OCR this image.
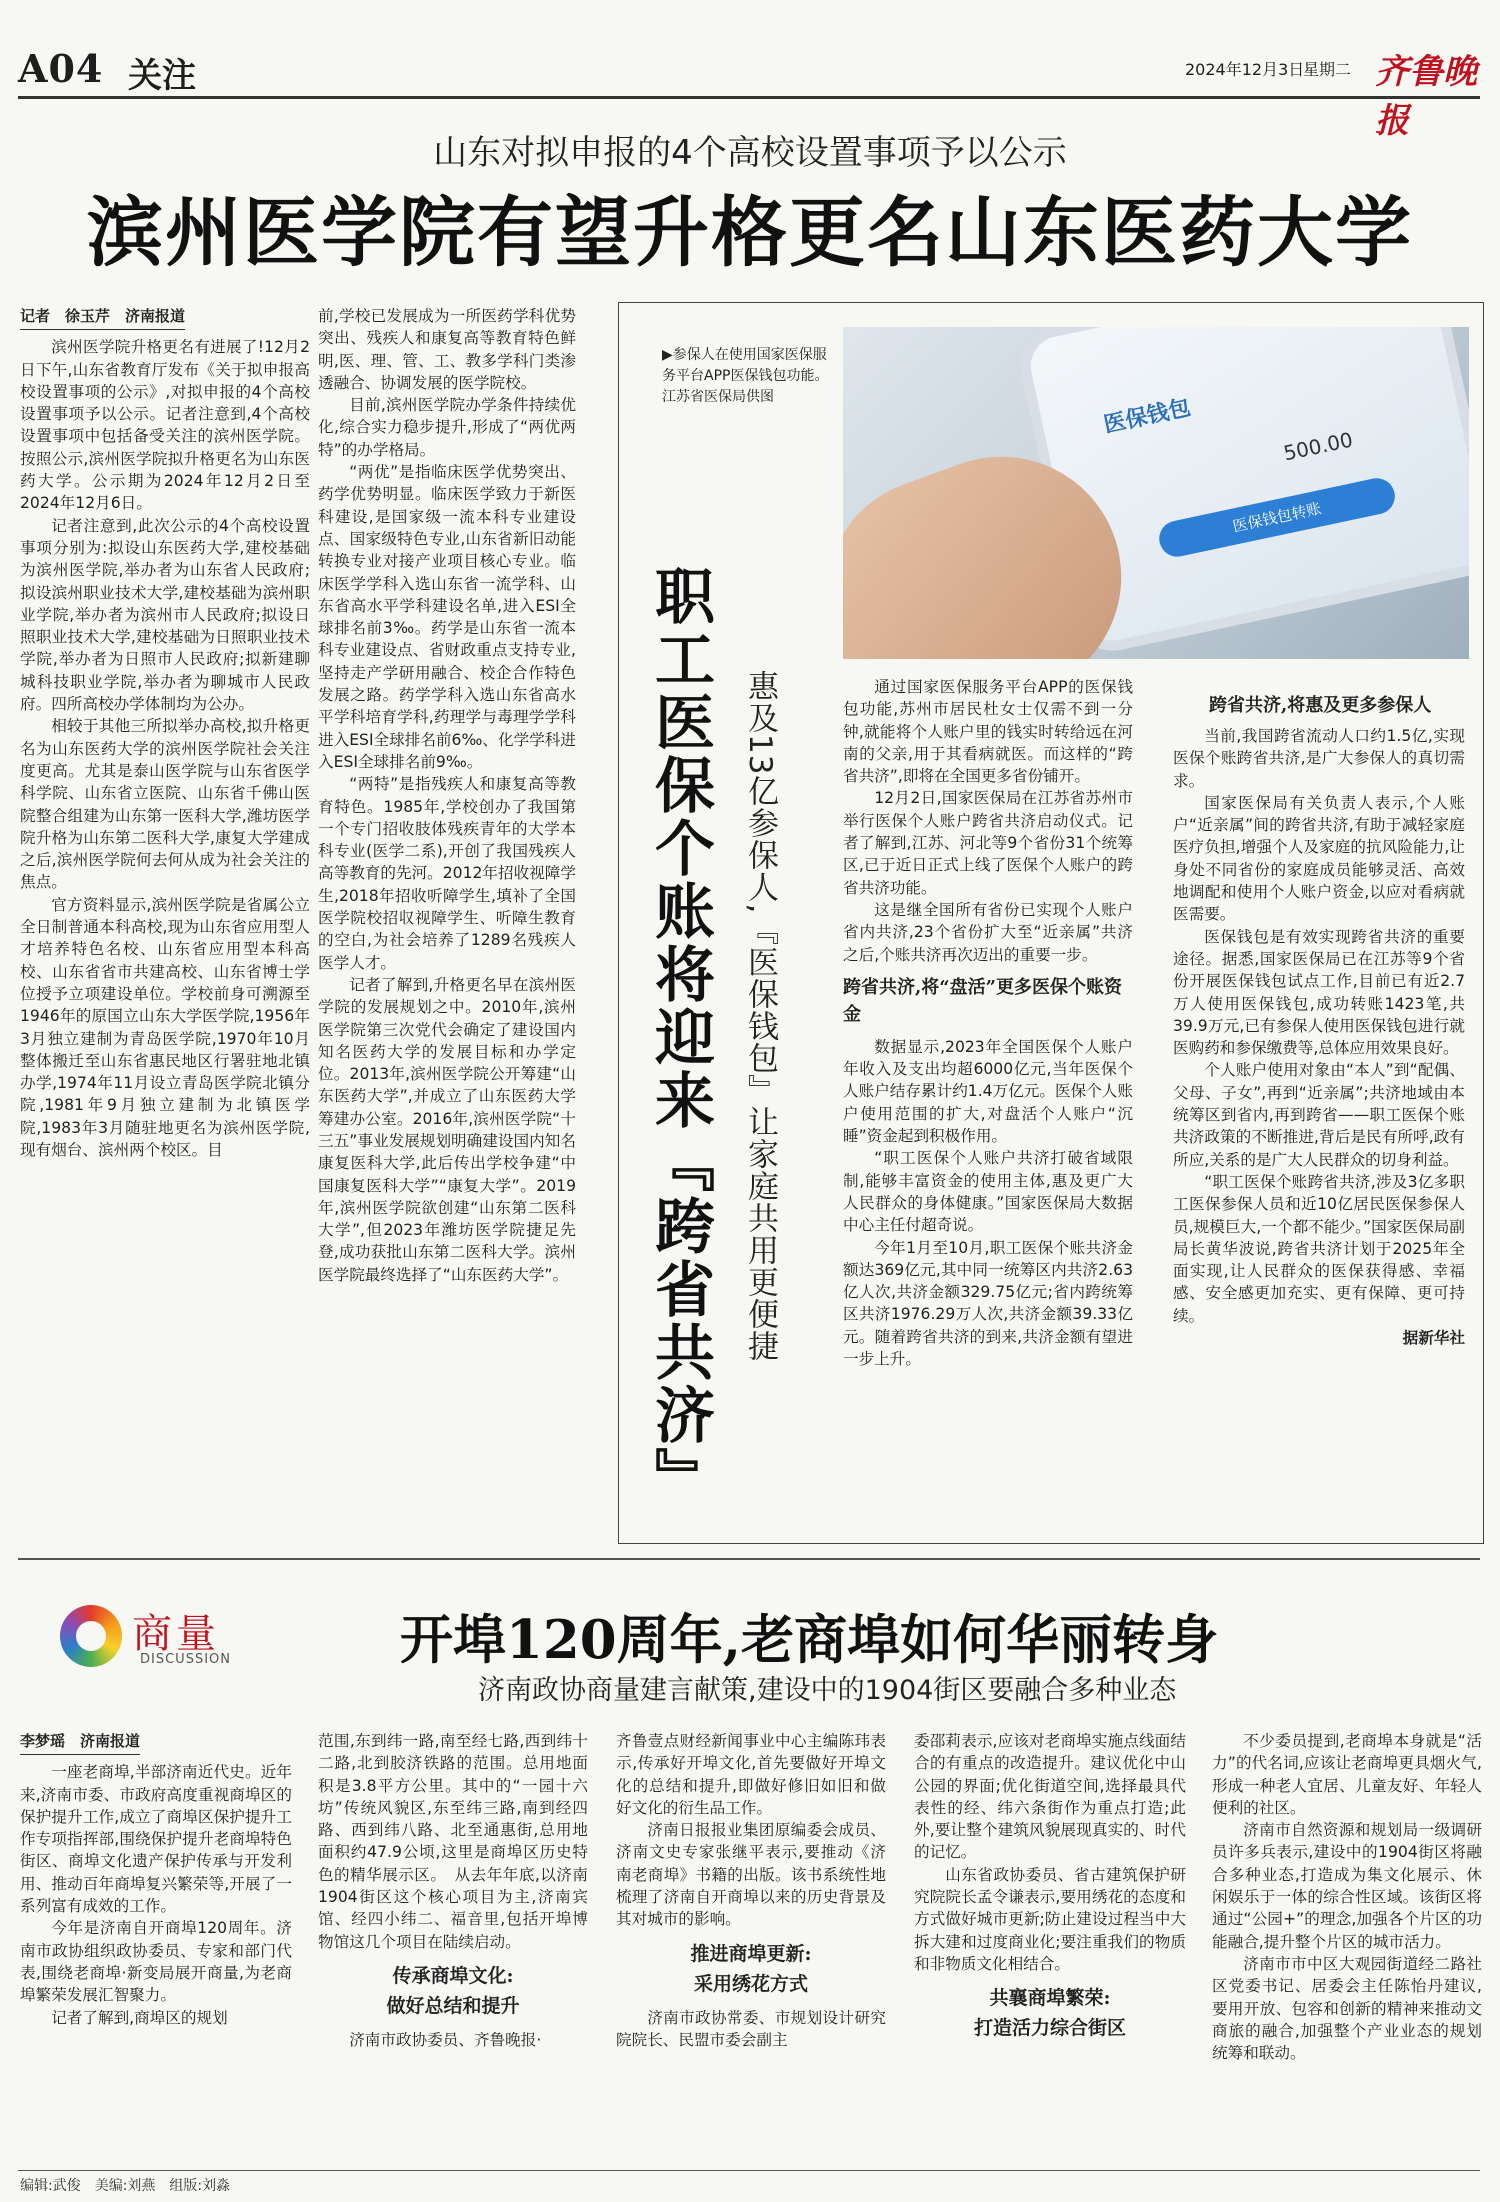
A04 关注	2024年12月3日
星期二 齐鲁晚报
山东对拟申报的4个高校设置事项予以公示
滨州医学院有望升格更名山东医药大学
记者　徐玉芹　济南报道

滨州医学院升格更名有进展了!12月2日下午,山东省教育厅发布《关于拟申报高校设置事项的公示》,对拟申报的4个高校设置事项予以公示。记者注意到,4个高校设置事项中包括备受关注的滨州医学院。按照公示,滨州医学院拟升格更名为山东医药大学。公示期为2024年12月2日至2024年12月6日。

记者注意到,此次公示的4个高校设置事项分别为:拟设山东医药大学,建校基础为滨州医学院,举办者为山东省人民政府;拟设滨州职业技术大学,建校基础为滨州职业学院,举办者为滨州市人民政府;拟设日照职业技术大学,建校基础为日照职业技术学院,举办者为日照市人民政府;拟新建聊城科技职业学院,举办者为聊城市人民政府。四所高校办学体制均为公办。

相较于其他三所拟举办高校,拟升格更名为山东医药大学的滨州医学院社会关注度更高。尤其是泰山医学院与山东省医学科学院、山东省立医院、山东省千佛山医院整合组建为山东第一医科大学,潍坊医学院升格为山东第二医科大学,康复大学建成之后,滨州医学院何去何从成为社会关注的焦点。

官方资料显示,滨州医学院是省属公立全日制普通本科高校,现为山东省应用型人才培养特色名校、山东省应用型本科高校、山东省省市共建高校、山东省博士学位授予立项建设单位。学校前身可溯源至1946年的原国立山东大学医学院,1956年3月独立建制为青岛医学院,1970年10月整体搬迁至山东省惠民地区行署驻地北镇办学,1974年11月设立青岛医学院北镇分院,1981年9月独立建制为北镇医学院,1983年3月随驻地更名为滨州医学院,现有烟台、滨州两个校区。目

前,学校已发展成为一所医药学科优势突出、残疾人和康复高等教育特色鲜明,医、理、管、工、教多学科门类渗透融合、协调发展的医学院校。

目前,滨州医学院办学条件持续优化,综合实力稳步提升,形成了“两优两特”的办学格局。

“两优”是指临床医学优势突出、药学优势明显。临床医学致力于新医科建设,是国家级一流本科专业建设点、国家级特色专业,山东省新旧动能转换专业对接产业项目核心专业。临床医学学科入选山东省一流学科、山东省高水平学科建设名单,进入ESI全球排名前3‰。药学是山东省一流本科专业建设点、省财政重点支持专业,坚持走产学研用融合、校企合作特色发展之路。药学学科入选山东省高水平学科培育学科,药理学与毒理学学科进入ESI全球排名前6‰、化学学科进入ESI全球排名前9‰。

“两特”是指残疾人和康复高等教育特色。1985年,学校创办了我国第一个专门招收肢体残疾青年的大学本科专业(医学二系),开创了我国残疾人高等教育的先河。2012年招收视障学生,2018年招收听障学生,填补了全国医学院校招収视障学生、听障生教育的空白,为社会培养了1289名残疾人医学人才。

记者了解到,升格更名早在滨州医学院的发展规划之中。2010年,滨州医学院第三次党代会确定了建设国内知名医药大学的发展目标和办学定位。2013年,滨州医学院公开筹建“山东医药大学”,并成立了山东医药大学筹建办公室。2016年,滨州医学院“十三五”事业发展规划明确建设国内知名康复医科大学,此后传出学校争建“中国康复医科大学”“康复大学”。2019年,滨州医学院欲创建“山东第二医科大学”,但2023年潍坊医学院捷足先登,成功获批山东第二医科大学。滨州医学院最终选择了“山东医药大学”。

医保钱包
500.00
医保钱包转账
▶参保人在使用国家医保服务平台APP医保钱包功能。江苏省医保局供图
职工医保个账将迎来『跨省共济』 惠及13亿参保人,『医保钱包』让家庭共用更便捷	通过国家医保服务平台APP的医保钱包功能,苏州市居民杜女士仅需不到一分钟,就能将个人账户里的钱实时转给远在河南的父亲,用于其看病就医。而这样的“跨省共济”,即将在全国更多省份铺开。

12月2日,国家医保局在江苏省苏州市举行医保个人账户跨省共济启动仪式。记者了解到,江苏、河北等9个省份31个统筹区,已于近日正式上线了医保个人账户的跨省共济功能。

这是继全国所有省份已实现个人账户省内共济,23个省份扩大至“近亲属”共济之后,个账共济再次迈出的重要一步。

跨省共济,将“盘活”更多医保个账资金

数据显示,2023年全国医保个人账户年收入及支出均超6000亿元,当年医保个人账户结存累计约1.4万亿元。医保个人账户使用范围的扩大,对盘活个人账户“沉睡”资金起到积极作用。

“职工医保个人账户共济打破省域限制,能够丰富资金的使用主体,惠及更广大人民群众的身体健康。”国家医保局大数据中心主任付超奇说。

今年1月至10月,职工医保个账共济金额达369亿元,其中同一统筹区内共济2.63亿人次,共济金额329.75亿元;省内跨统筹区共济1976.29万人次,共济金额39.33亿元。随着跨省共济的到来,共济金额有望进一步上升。

跨省共济,将惠及更多参保人

当前,我国跨省流动人口约1.5亿,实现医保个账跨省共济,是广大参保人的真切需求。

国家医保局有关负责人表示,个人账户“近亲属”间的跨省共济,有助于减轻家庭医疗负担,增强个人及家庭的抗风险能力,让身处不同省份的家庭成员能够灵活、高效地调配和使用个人账户资金,以应对看病就医需要。

医保钱包是有效实现跨省共济的重要途径。据悉,国家医保局已在江苏等9个省份开展医保钱包试点工作,目前已有近2.7万人使用医保钱包,成功转账1423笔,共39.9万元,已有参保人使用医保钱包进行就医购药和参保缴费等,总体应用效果良好。

个人账户使用对象由“本人”到“配偶、父母、子女”,再到“近亲属”;共济地域由本统筹区到省内,再到跨省——职工医保个账共济政策的不断推进,背后是民有所呼,政有所应,关系的是广大人民群众的切身利益。

“职工医保个账跨省共济,涉及3亿多职工医保参保人员和近10亿居民医保参保人员,规模巨大,一个都不能少。”国家医保局副局长黄华波说,跨省共济计划于2025年全面实现,让人民群众的医保获得感、幸福感、安全感更加充实、更有保障、更可持续。

据新华社
商量
DISCUSSION	开埠120周年,老商埠如何华丽转身
济南政协商量建言献策,建设中的1904街区要融合多种业态
李梦瑶　济南报道

一座老商埠,半部济南近代史。近年来,济南市委、市政府高度重视商埠区的保护提升工作,成立了商埠区保护提升工作专项指挥部,围绕保护提升老商埠特色街区、商埠文化遗产保护传承与开发利用、推动百年商埠复兴繁荣等,开展了一系列富有成效的工作。

今年是济南自开商埠120周年。济南市政协组织政协委员、专家和部门代表,围绕老商埠·新变局展开商量,为老商埠繁荣发展汇智聚力。

记者了解到,商埠区的规划

范围,东到纬一路,南至经七路,西到纬十二路,北到胶济铁路的范围。总用地面积是3.8平方公里。其中的“一园十六坊”传统风貌区,东至纬三路,南到经四路、西到纬八路、北至通惠街,总用地面积约47.9公顷,这里是商埠区历史特色的精华展示区。　从去年年底,以济南1904街区这个核心项目为主,济南宾馆、经四小纬二、福音里,包括开埠博物馆这几个项目在陆续启动。

传承商埠文化:
做好总结和提升

济南市政协委员、齐鲁晚报·

齐鲁壹点财经新闻事业中心主编陈玮表示,传承好开埠文化,首先要做好开埠文化的总结和提升,即做好修旧如旧和做好文化的衍生品工作。

济南日报报业集团原编委会成员、济南文史专家张继平表示,要推动《济南老商埠》书籍的出版。该书系统性地梳理了济南自开商埠以来的历史背景及其对城市的影响。

推进商埠更新:
采用绣花方式

济南市政协常委、市规划设计研究院院长、民盟市委会副主

委邵莉表示,应该对老商埠实施点线面结合的有重点的改造提升。建议优化中山公园的界面;优化街道空间,选择最具代表性的经、纬六条街作为重点打造;此外,要让整个建筑风貌展现真实的、时代的记忆。

山东省政协委员、省古建筑保护研究院院长孟令谦表示,要用绣花的态度和方式做好城市更新;防止建设过程当中大拆大建和过度商业化;要注重我们的物质和非物质文化相结合。

共襄商埠繁荣:
打造活力综合街区

不少委员提到,老商埠本身就是“活力”的代名词,应该让老商埠更具烟火气,形成一种老人宜居、儿童友好、年轻人便利的社区。

济南市自然资源和规划局一级调研员许多兵表示,建设中的1904街区将融合多种业态,打造成为集文化展示、休闲娱乐于一体的综合性区域。该街区将通过“公园+”的理念,加强各个片区的功能融合,提升整个片区的城市活力。

济南市市中区大观园街道经二路社区党委书记、居委会主任陈怡丹建议,要用开放、包容和创新的精神来推动文商旅的融合,加强整个产业业态的规划统筹和联动。

编辑:武俊　美编:刘燕　组版:刘淼
